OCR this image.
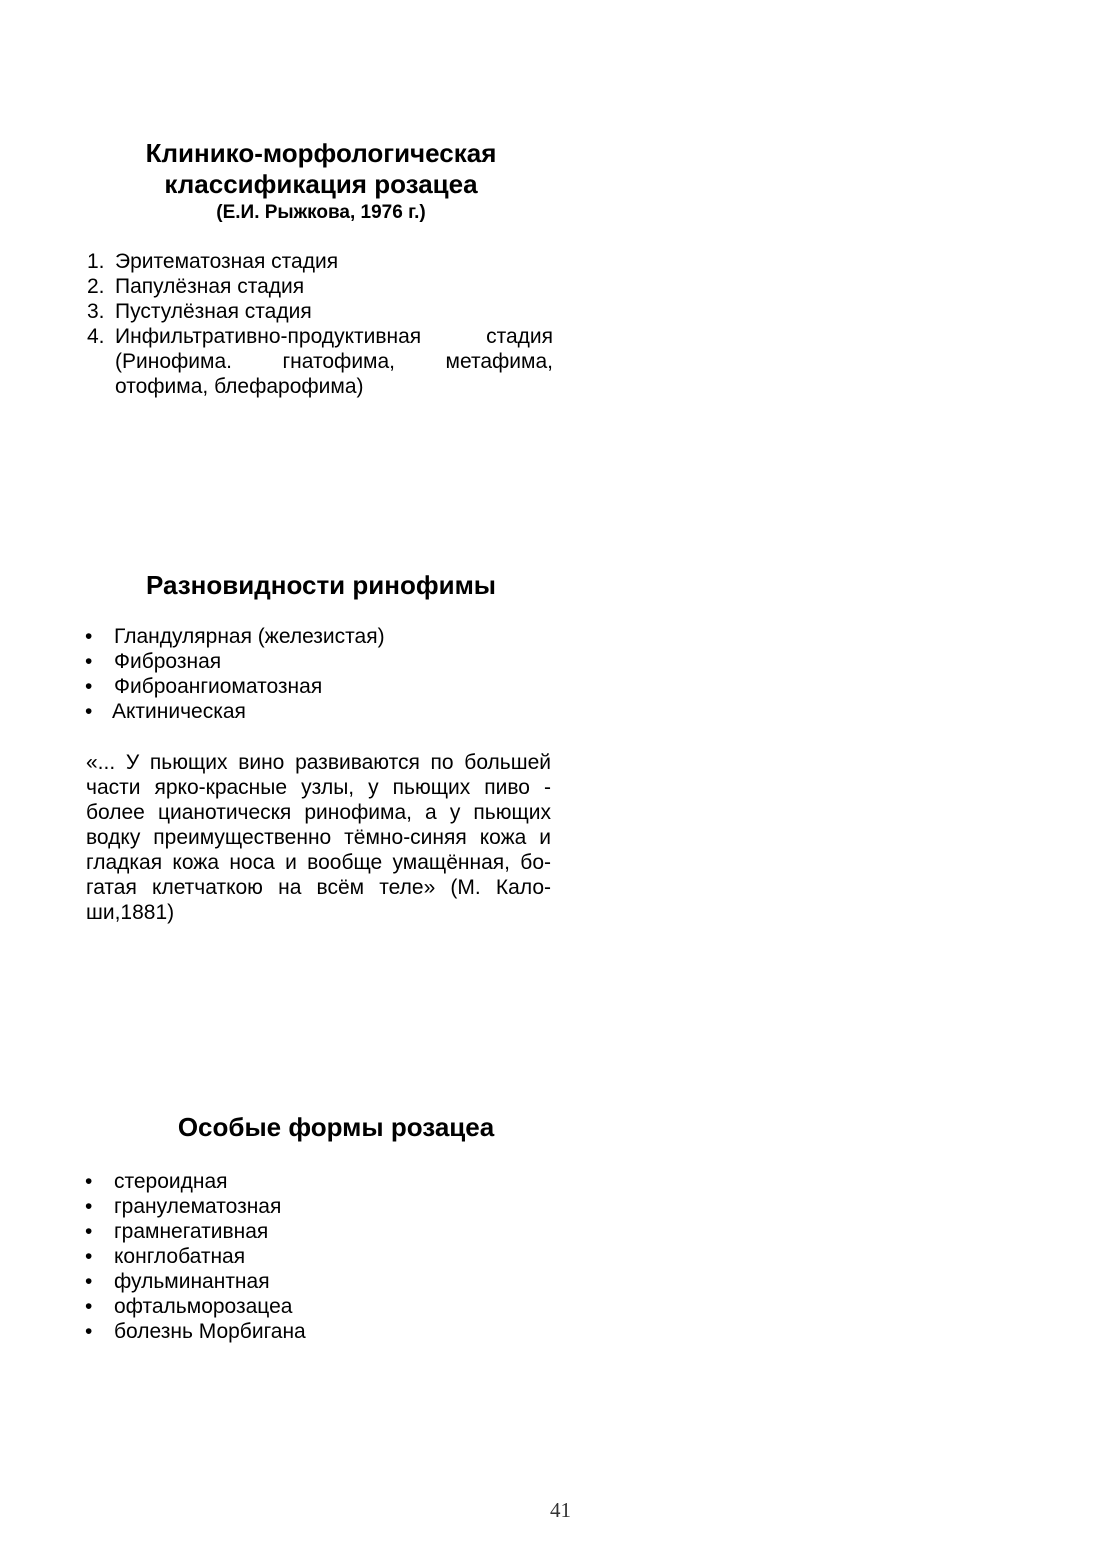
Клинико-морфологическая
классификация розацеа
(Е.И. Рыжкова, 1976 г.)
1. Эритематозная стадия
2. Папулёзная стадия
3. Пустулёзная стадия
4. Инфильтративно-продуктивная стадия (Ринофима. гнатофима, метафима, отофима, блефарофима)
Разновидности ринофимы
• Гландулярная (железистая)
• Фиброзная
• Фиброангиоматозная
• Актиническая
«... У пьющих вино развиваются по большей
части ярко-красные узлы, у пьющих пиво -
более цианотическя ринофима, а у пьющих
водку преимущественно тёмно-синяя кожа и
гладкая кожа носа и вообще умащённая, бо-
гатая клетчаткою на всём теле» (М. Кало-
ши,1881)
Особые формы розацеа
• стероидная
• гранулематозная
• грамнегативная
• конглобатная
• фульминантная
• офтальморозацеа
• болезнь Морбигана
41
